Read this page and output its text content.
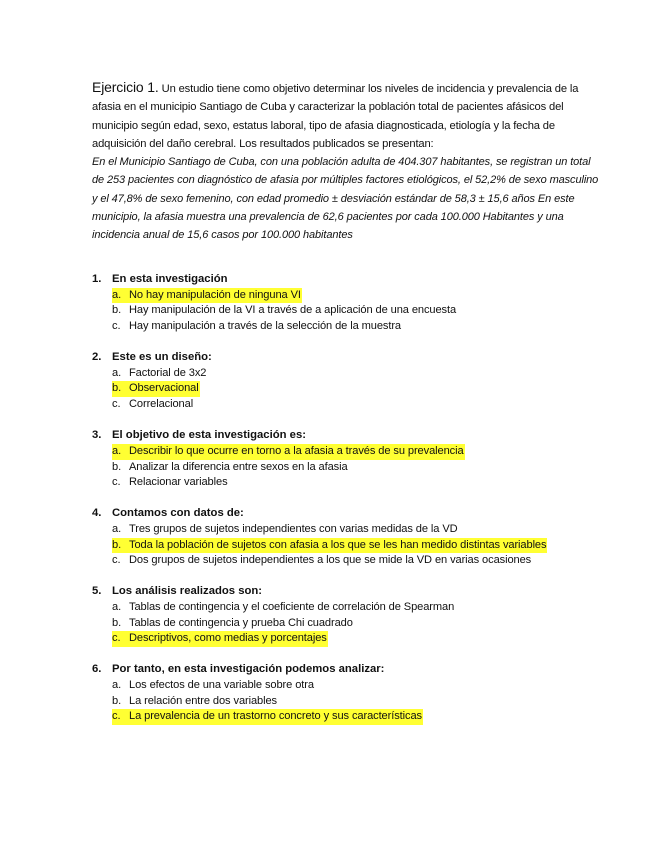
Ejercicio 1. Un estudio tiene como objetivo determinar los niveles de incidencia y prevalencia de la afasia en el municipio Santiago de Cuba y caracterizar la población total de pacientes afásicos del municipio según edad, sexo, estatus laboral, tipo de afasia diagnosticada, etiología y la fecha de adquisición del daño cerebral. Los resultados publicados se presentan:

En el Municipio Santiago de Cuba, con una población adulta de 404.307 habitantes, se registran un total de 253 pacientes con diagnóstico de afasia por múltiples factores etiológicos, el 52,2% de sexo masculino y el 47,8% de sexo femenino, con edad promedio ± desviación estándar de 58,3 ± 15,6 años En este municipio, la afasia muestra una prevalencia de 62,6 pacientes por cada 100.000 Habitantes y una incidencia anual de 15,6 casos por 100.000 habitantes

1. En esta investigación
a. No hay manipulación de ninguna VI
b. Hay manipulación de la VI a través de a aplicación de una encuesta
c. Hay manipulación a través de la selección de la muestra
2. Este es un diseño:
a. Factorial de 3x2
b. Observacional
c. Correlacional
3. El objetivo de esta investigación es:
a. Describir lo que ocurre en torno a la afasia a través de su prevalencia
b. Analizar la diferencia entre sexos en la afasia
c. Relacionar variables
4. Contamos con datos de:
a. Tres grupos de sujetos independientes con varias medidas de la VD
b. Toda la población de sujetos con afasia a los que se les han medido distintas variables
c. Dos grupos de sujetos independientes a los que se mide la VD en varias ocasiones
5. Los análisis realizados son:
a. Tablas de contingencia y el coeficiente de correlación de Spearman
b. Tablas de contingencia y prueba Chi cuadrado
c. Descriptivos, como medias y porcentajes
6. Por tanto, en esta investigación podemos analizar:
a. Los efectos de una variable sobre otra
b. La relación entre dos variables
c. La prevalencia de un trastorno concreto y sus características
